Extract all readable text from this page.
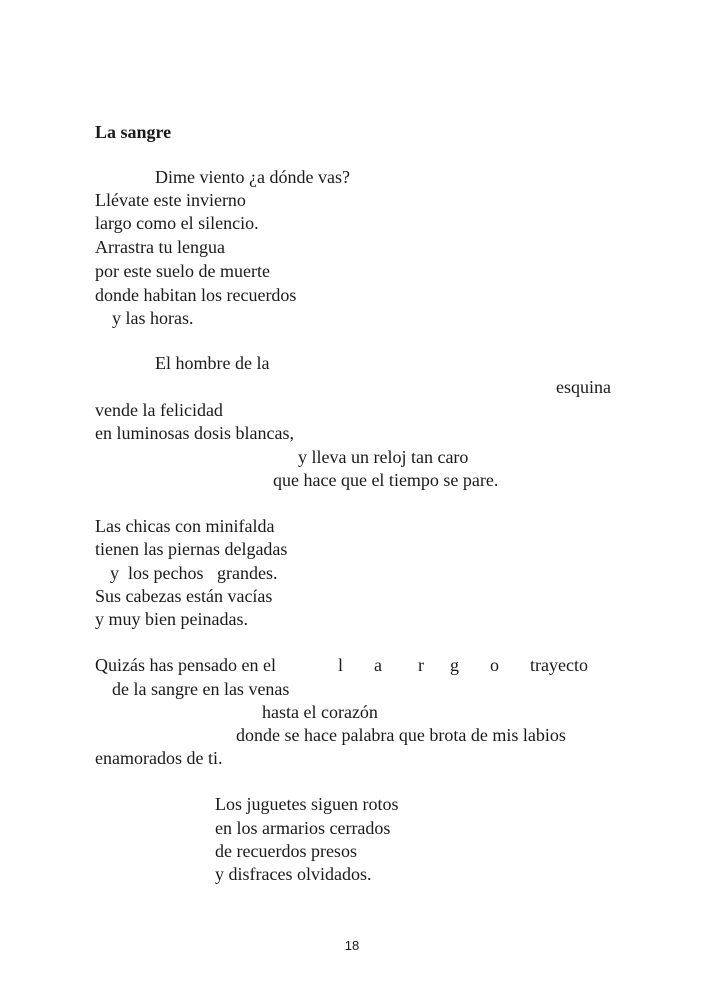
La sangre
Dime viento ¿a dónde vas?
Llévate este invierno
largo como el silencio.
Arrastra tu lengua
por este suelo de muerte
donde habitan los recuerdos
y las horas.
El hombre de la
esquina
vende la felicidad
en luminosas dosis blancas,
y lleva un reloj tan caro
que hace que el tiempo se pare.
Las chicas con minifalda
tienen las piernas delgadas
y  los pechos   grandes.
Sus cabezas están vacías
y muy bien peinadas.
Quizás has pensado en el	l a r g o trayecto
de la sangre en las venas
hasta el corazón
donde se hace palabra que brota de mis labios
enamorados de ti.
Los juguetes siguen rotos
en los armarios cerrados
de recuerdos presos
y disfraces olvidados.
18
